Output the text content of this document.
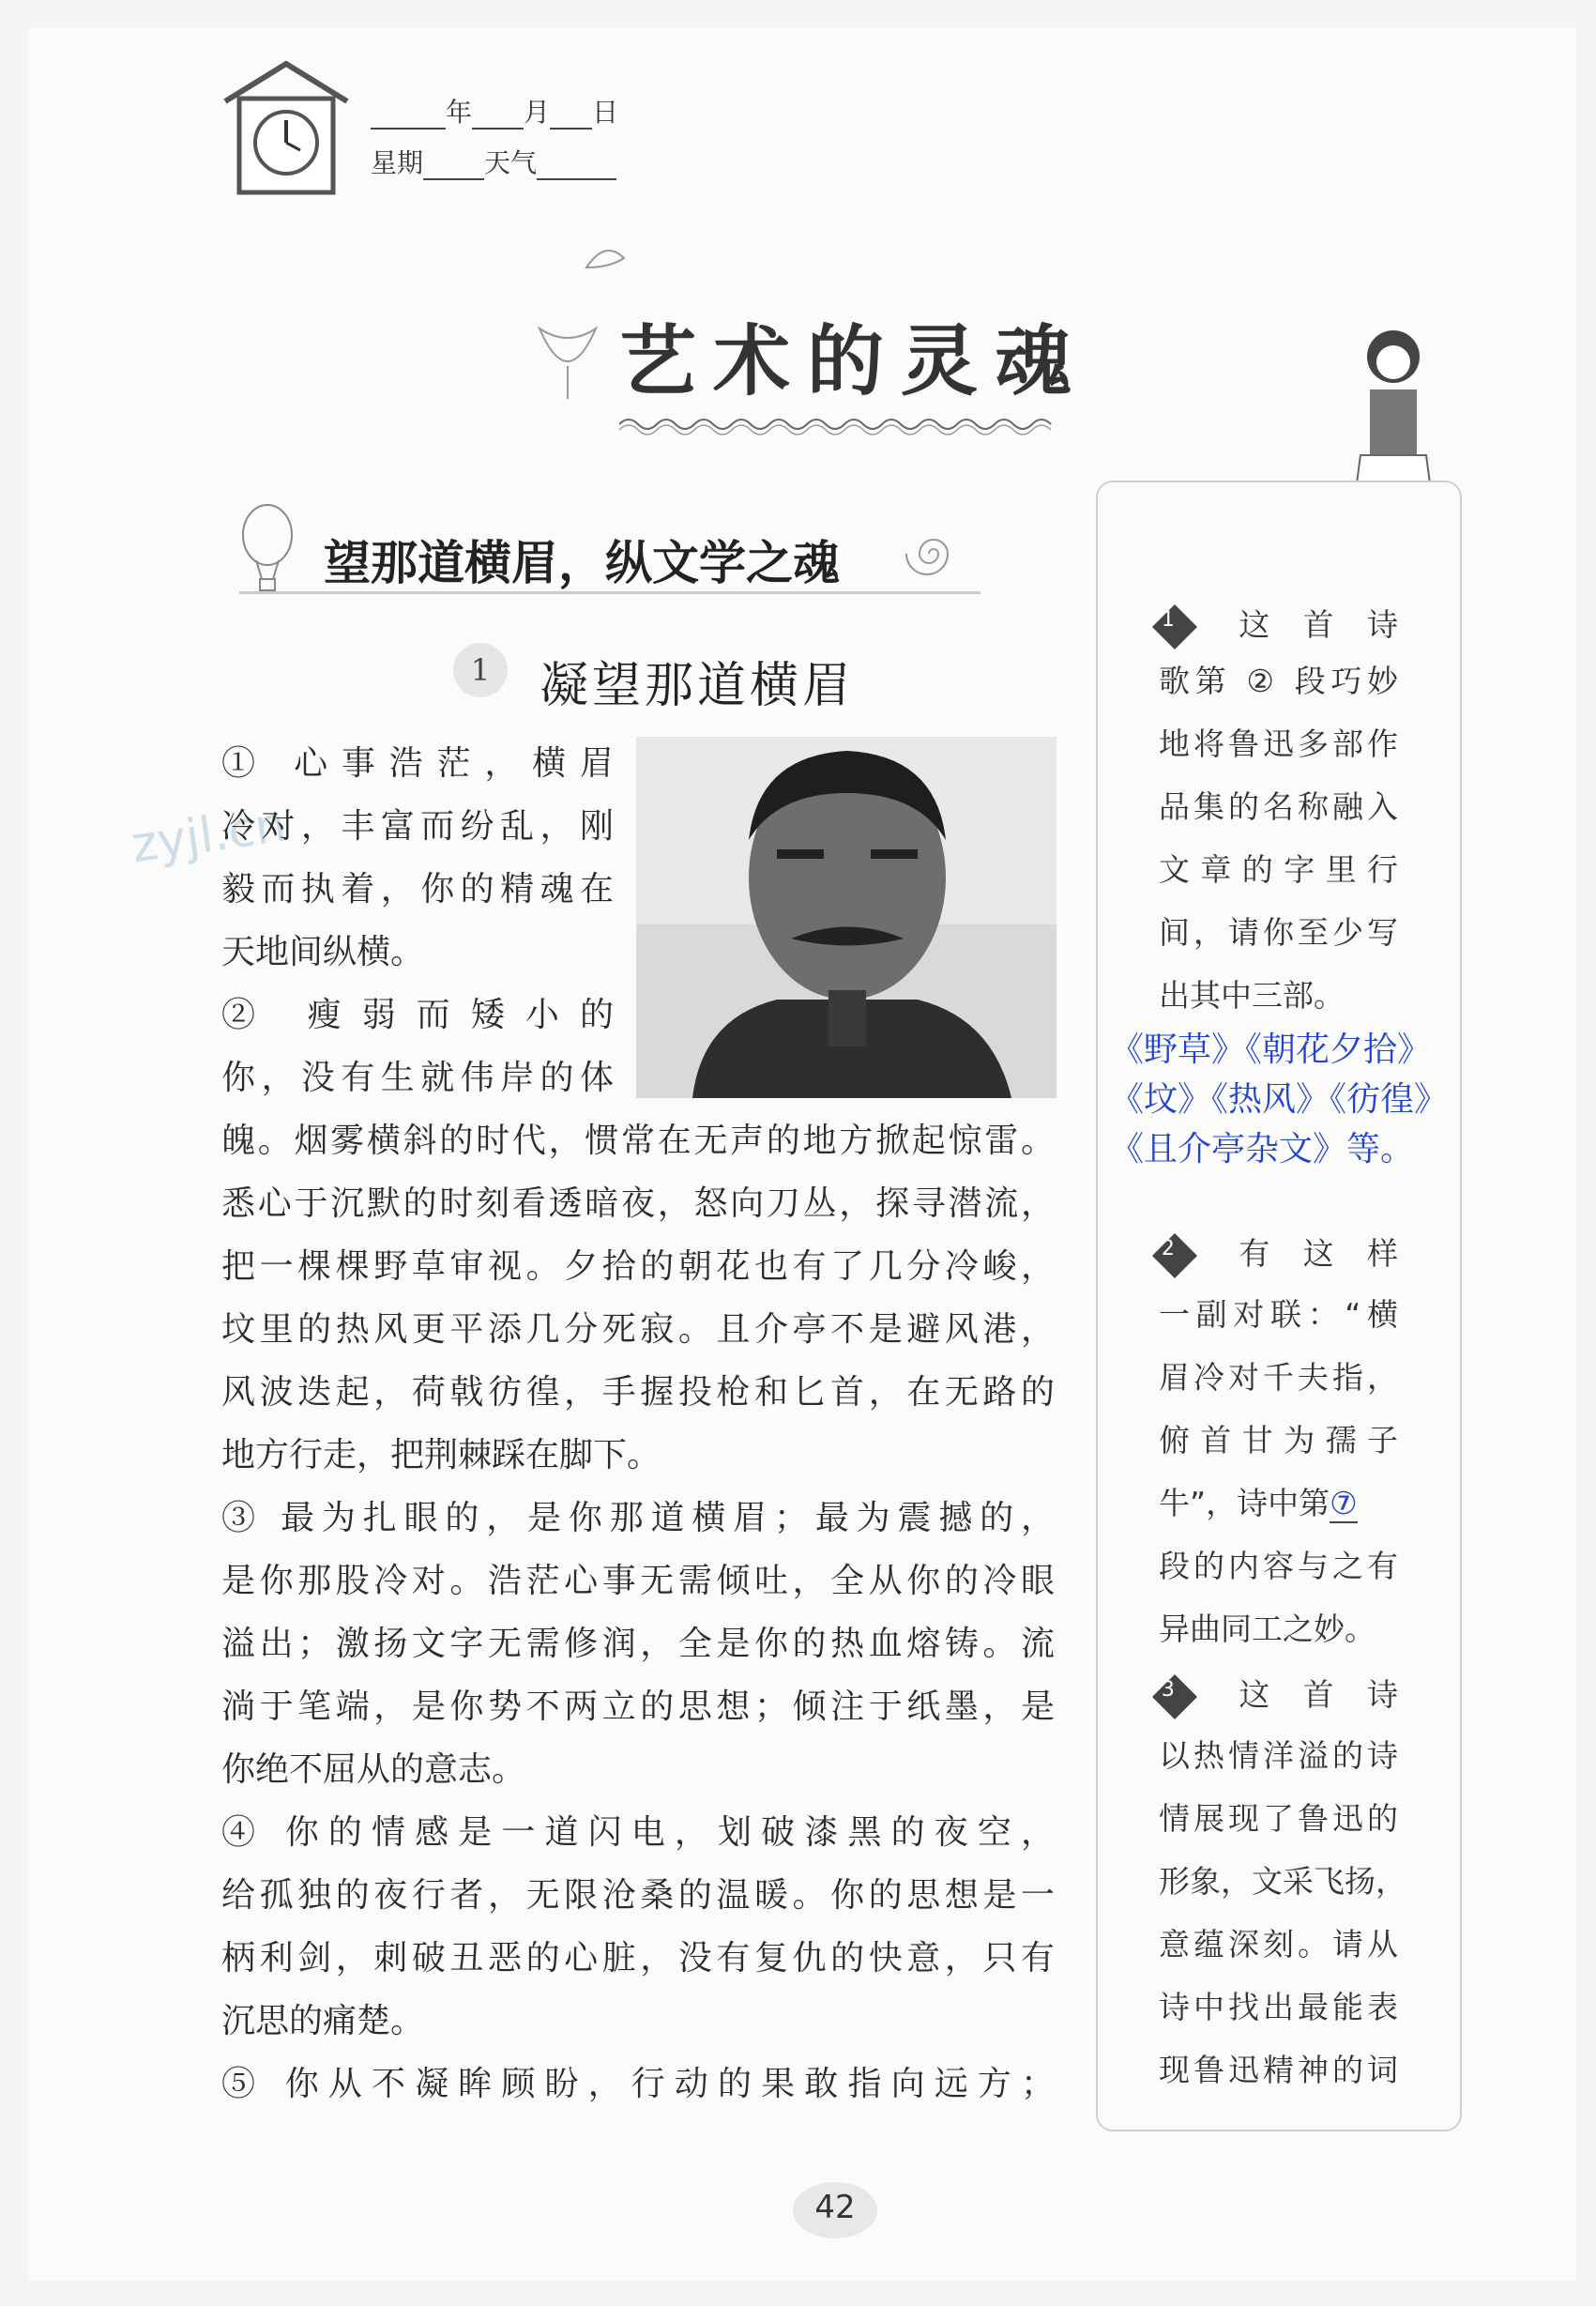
年 月 日
星期 天气
艺术的灵魂
望那道横眉，纵文学之魂
1	凝望那道横眉
zyjl.cn
① 心事浩茫，横眉
冷对，丰富而纷乱，刚
毅而执着，你的精魂在
天地间纵横。
② 瘦弱而矮小的
你，没有生就伟岸的体
魄。烟雾横斜的时代，惯常在无声的地方掀起惊雷。
悉心于沉默的时刻看透暗夜，怒向刀丛，探寻潜流，
把一棵棵野草审视。夕拾的朝花也有了几分冷峻，
坟里的热风更平添几分死寂。且介亭不是避风港，
风波迭起，荷戟彷徨，手握投枪和匕首，在无路的
地方行走，把荆棘踩在脚下。
③ 最为扎眼的，是你那道横眉；最为震撼的，
是你那股冷对。浩茫心事无需倾吐，全从你的冷眼
溢出；激扬文字无需修润，全是你的热血熔铸。流
淌于笔端，是你势不两立的思想；倾注于纸墨，是
你绝不屈从的意志。
④ 你的情感是一道闪电，划破漆黑的夜空，
给孤独的夜行者，无限沧桑的温暖。你的思想是一
柄利剑，刺破丑恶的心脏，没有复仇的快意，只有
沉思的痛楚。
⑤ 你从不凝眸顾盼，行动的果敢指向远方；
1 这首诗
歌第 ② 段巧妙
地将鲁迅多部作
品集的名称融入
文章的字里行
间，请你至少写
出其中三部。
《野草》《朝花夕拾》
《坟》《热风》《彷徨》
《且介亭杂文》等。
2 有这样
一副对联：“横
眉冷对千夫指，
俯首甘为孺子
牛”，诗中第⑦
段的内容与之有
异曲同工之妙。
3 这首诗
以热情洋溢的诗
情展现了鲁迅的
形象，文采飞扬，
意蕴深刻。请从
诗中找出最能表
现鲁迅精神的词
42
